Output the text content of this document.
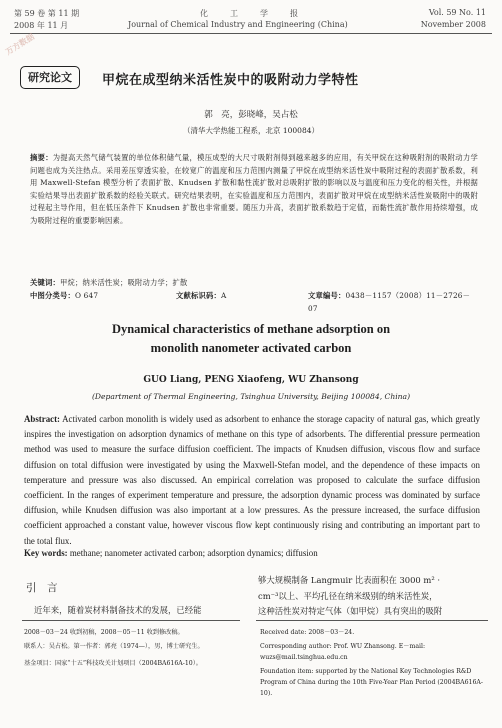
第 59 卷 第 11 期
2008 年 11 月
化　　工　　学　　报
Journal of Chemical Industry and Engineering (China)
Vol. 59 No. 11
November 2008
万方数据
研究论文	甲烷在成型纳米活性炭中的吸附动力学特性
郭　亮，彭晓峰，吴占松
（清华大学热能工程系，北京 100084）
摘要：为提高天然气储气装置的单位体积储气量，模压成型的大尺寸吸附剂得到越来越多的应用，有关甲烷在这种吸附剂的吸附动力学问题也成为关注热点。采用差压穿透实验，在较宽广的温度和压力范围内测量了甲烷在成型纳米活性炭中吸附过程的表面扩散系数，利用 Maxwell-Stefan 模型分析了表面扩散、Knudsen 扩散和黏性流扩散对总吸附扩散的影响以及与温度和压力变化的相关性，并根据实验结果导出表面扩散系数的经验关联式。研究结果表明，在实验温度和压力范围内，表面扩散对甲烷在成型纳米活性炭吸附中的吸附过程起主导作用，但在低压条件下 Knudsen 扩散也非常重要。随压力升高，表面扩散系数趋于定值，而黏性流扩散作用持续增强，成为吸附过程的重要影响因素。
关键词：甲烷；纳米活性炭；吸附动力学；扩散
中图分类号：O 647	文献标识码：A	文章编号：0438－1157（2008）11－2726－07
Dynamical characteristics of methane adsorption on
monolith nanometer activated carbon
GUO Liang, PENG Xiaofeng, WU Zhansong
(Department of Thermal Engineering, Tsinghua University, Beijing 100084, China)
Abstract: Activated carbon monolith is widely used as adsorbent to enhance the storage capacity of natural gas, which greatly inspires the investigation on adsorption dynamics of methane on this type of adsorbents. The differential pressure permeation method was used to measure the surface diffusion coefficient. The impacts of Knudsen diffusion, viscous flow and surface diffusion on total diffusion were investigated by using the Maxwell-Stefan model, and the dependence of these impacts on temperature and pressure was also discussed. An empirical correlation was proposed to calculate the surface diffusion coefficient. In the ranges of experiment temperature and pressure, the adsorption dynamic process was dominated by surface diffusion, while Knudsen diffusion was also important at a low pressures. As the pressure increased, the surface diffusion coefficient approached a constant value, however viscous flow kept continuously rising and contributing an important part to the total flux.
Key words: methane; nanometer activated carbon; adsorption dynamics; diffusion
引　言
近年来，随着炭材料制备技术的发展，已经能
够大规模制备 Langmuir 比表面积在 3000 m² ·
cm⁻³以上、平均孔径在纳米级别的纳米活性炭，
这种活性炭对特定气体（如甲烷）具有突出的吸附
2008－03－24 收到初稿，2008－05－11 收到修改稿。
联系人：吴占松。第一作者：郭亮（1974—），男，博士研究生。
基金项目：国家“十五”科技攻关计划项目（2004BA616A-10）。
Received date: 2008－03－24.
Corresponding author: Prof. WU Zhansong. E－mail: wuzs@mail.tsinghua.edu.cn
Foundation item: supported by the National Key Technologies R&D Program of China during the 10th Five-Year Plan Period (2004BA616A-10).
